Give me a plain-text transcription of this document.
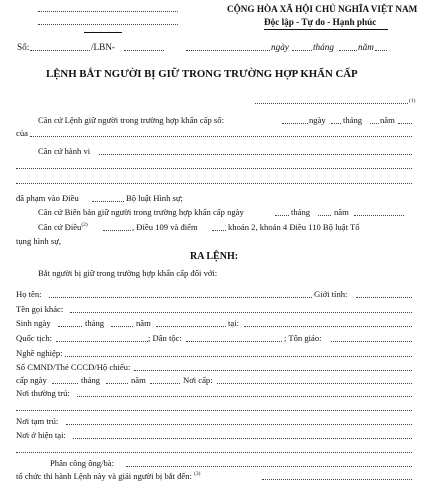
CỘNG HÒA XÃ HỘI CHỦ NGHĨA VIỆT NAM
Độc lập - Tự do - Hạnh phúc
Số:	/LBN-	ngày	tháng	năm
LỆNH BẮT NGƯỜI BỊ GIỮ TRONG TRƯỜNG HỢP KHẨN CẤP
(1)
Căn cứ Lệnh giữ người trong trường hợp khẩn cấp số:	ngày tháng năm
của
Căn cứ hành vi
đã phạm vào Điều	Bộ luật Hình sự;
Căn cứ Biên bản giữ người trong trường hợp khẩn cấp ngày	tháng	năm
Căn cứ Điều$^{(2)}$	, Điều 109 và điểm	khoản 2, khoản 4 Điều 110 Bộ luật Tố
tụng hình sự,
RA LỆNH:
Bắt người bị giữ trong trường hợp khẩn cấp đối với:
Họ tên:	Giới tính:
Tên gọi khác:
Sinh ngày	tháng	năm	tại:
Quốc tịch:	; Dân tộc:	; Tôn giáo:
Nghề nghiệp:
Số CMND/Thẻ CCCD/Hộ chiếu:
cấp ngày	tháng	năm	Nơi cấp:
Nơi thường trú:
Nơi tạm trú:
Nơi ở hiện tại:
Phân công ông/bà:
tổ chức thi hành Lệnh này và giải người bị bắt đến: $^{(3)}$
